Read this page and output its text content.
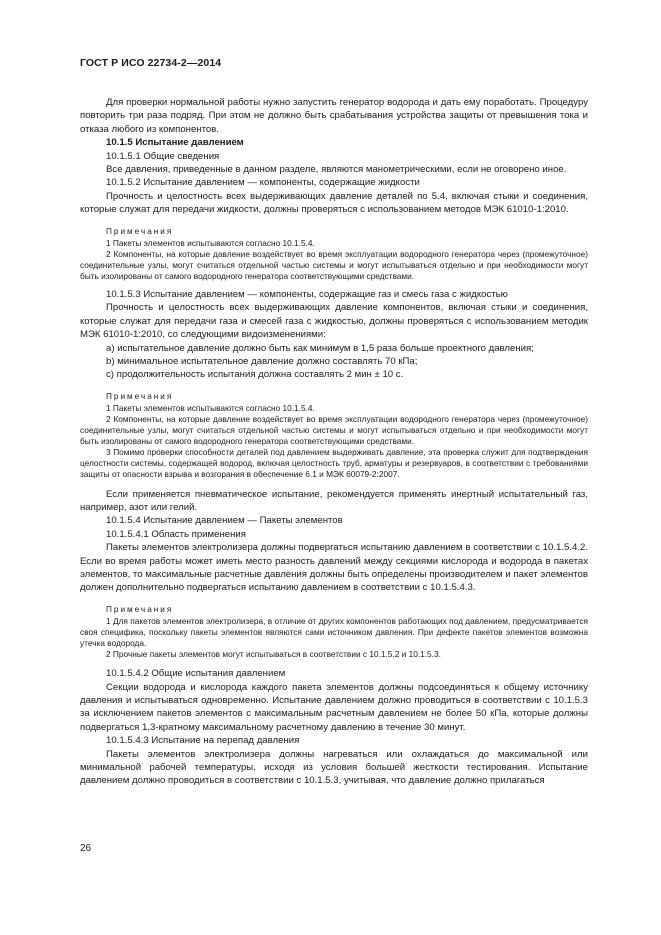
ГОСТ Р ИСО 22734-2—2014

Для проверки нормальной работы нужно запустить генератор водорода и дать ему поработать. Процедуру повторить три раза подряд. При этом не должно быть срабатывания устройства защиты от превышения тока и отказа любого из компонентов.

10.1.5 Испытание давлением

10.1.5.1 Общие сведения

Все давления, приведенные в данном разделе, являются манометрическими, если не оговорено иное.

10.1.5.2 Испытание давлением — компоненты, содержащие жидкости

Прочность и целостность всех выдерживающих давление деталей по 5.4, включая стыки и соединения, которые служат для передачи жидкости, должны проверяться с использованием методов МЭК 61010-1:2010.

Примечания

1 Пакеты элементов испытываются согласно 10.1.5.4.

2 Компоненты, на которые давление воздействует во время эксплуатации водородного генератора через (промежуточное) соединительные узлы, могут считаться отдельной частью системы и могут испытываться отдельно и при необходимости могут быть изолированы от самого водородного генератора соответствующими средствами.

10.1.5.3 Испытание давлением — компоненты, содержащие газ и смесь газа с жидкостью

Прочность и целостность всех выдерживающих давление компонентов, включая стыки и соединения, которые служат для передачи газа и смесей газа с жидкостью, должны проверяться с использованием методик МЭК 61010-1:2010, со следующими видоизменениями:

а) испытательное давление должно быть как минимум в 1,5 раза больше проектного давления;

b) минимальное испытательное давление должно составлять 70 кПа;

c) продолжительность испытания должна составлять 2 мин ± 10 с.

Примечания

1 Пакеты элементов испытываются согласно 10.1.5.4.

2 Компоненты, на которые давление воздействует во время эксплуатации водородного генератора через (промежуточное) соединительные узлы, могут считаться отдельной частью системы и могут испытываться отдельно и при необходимости могут быть изолированы от самого водородного генератора соответствующими средствами.

3 Помимо проверки способности деталей под давлением выдерживать давление, эта проверка служит для подтверждения целостности системы, содержащей водород, включая целостность труб, арматуры и резервуаров, в соответствии с требованиями защиты от опасности взрыва и возгорания в обеспечение 6.1 и МЭК 60079-2:2007.

Если применяется пневматическое испытание, рекомендуется применять инертный испытательный газ, например, азот или гелий.

10.1.5.4 Испытание давлением — Пакеты элементов

10.1.5.4.1 Область применения

Пакеты элементов электролизера должны подвергаться испытанию давлением в соответствии с 10.1.5.4.2. Если во время работы может иметь место разность давлений между секциями кислорода и водорода в пакетах элементов, то максимальные расчетные давления должны быть определены производителем и пакет элементов должен дополнительно подвергаться испытанию давлением в соответствии с 10.1.5.4.3.

Примечания

1 Для пакетов элементов электролизера, в отличие от других компонентов работающих под давлением, предусматривается своя специфика, поскольку пакеты элементов являются сами источником давления. При дефекте пакетов элементов возможна утечка водорода.

2 Прочные пакеты элементов могут испытываться в соответствии с 10.1.5.2 и 10.1.5.3.

10.1.5.4.2 Общие испытания давлением

Секции водорода и кислорода каждого пакета элементов должны подсоединяться к общему источнику давления и испытываться одновременно. Испытание давлением должно проводиться в соответствии с 10.1.5.3 за исключением пакетов элементов с максимальным расчетным давлением не более 50 кПа, которые должны подвергаться 1,3-кратному максимальному расчетному давлению в течение 30 минут.

10.1.5.4.3 Испытание на перепад давления

Пакеты элементов электролизера должны нагреваться или охлаждаться до максимальной или минимальной рабочей температуры, исходя из условия большей жесткости тестирования. Испытание давлением должно проводиться в соответствии с 10.1.5.3, учитывая, что давление должно прилагаться

26
